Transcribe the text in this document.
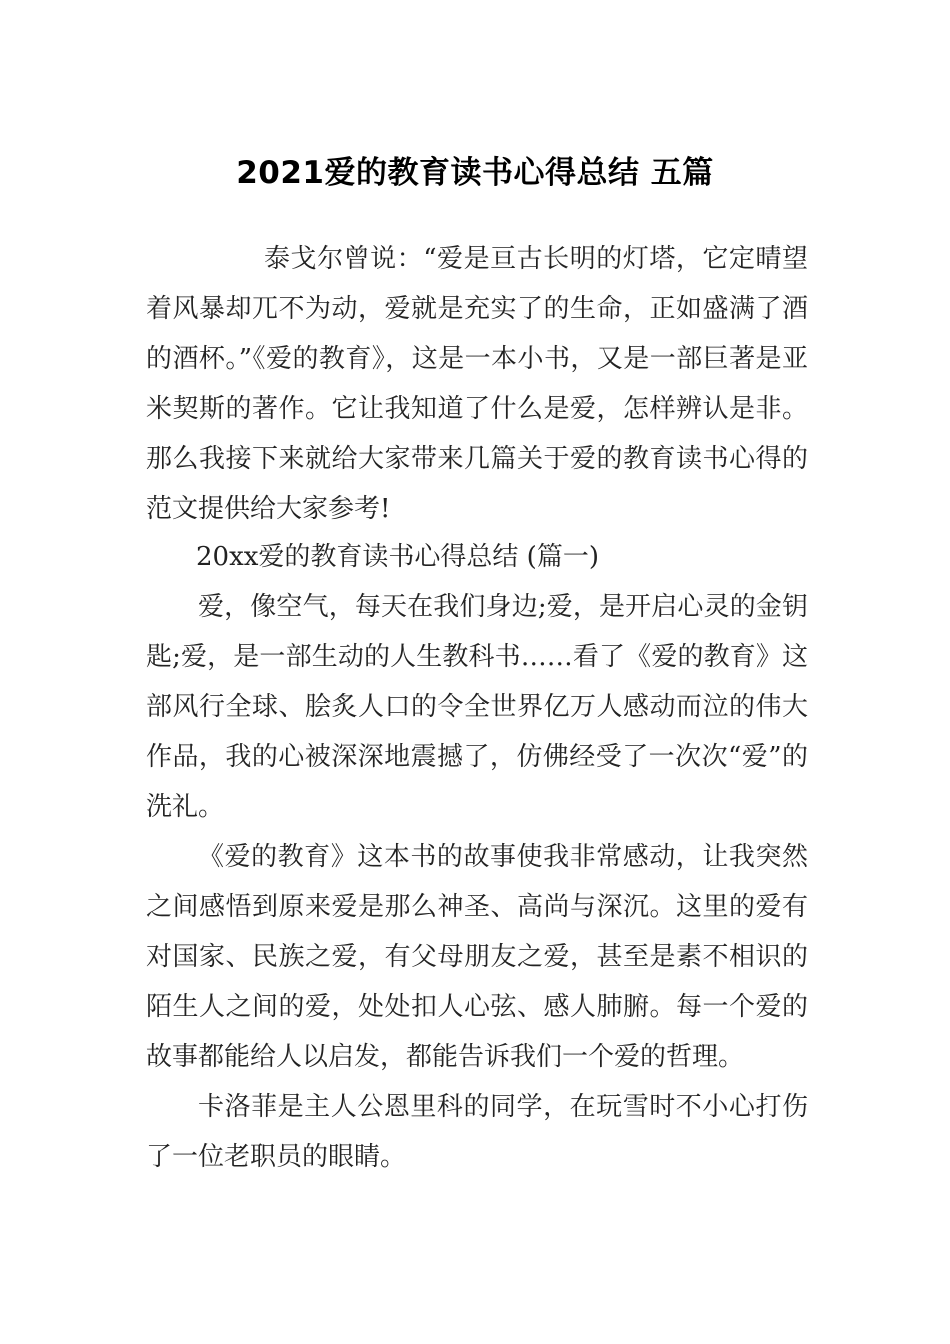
2021爱的教育读书心得总结 五篇

泰戈尔曾说：“爱是亘古长明的灯塔，它定晴望着风暴却兀不为动，爱就是充实了的生命，正如盛满了酒的酒杯。”《爱的教育》，这是一本小书，又是一部巨著是亚米契斯的著作。它让我知道了什么是爱，怎样辨认是非。那么我接下来就给大家带来几篇关于爱的教育读书心得的范文提供给大家参考!

20xx爱的教育读书心得总结 (篇一)

爱，像空气，每天在我们身边;爱，是开启心灵的金钥匙;爱，是一部生动的人生教科书……看了《爱的教育》这部风行全球、脍炙人口的令全世界亿万人感动而泣的伟大作品，我的心被深深地震撼了，仿佛经受了一次次“爱”的洗礼。

《爱的教育》这本书的故事使我非常感动，让我突然之间感悟到原来爱是那么神圣、高尚与深沉。这里的爱有对国家、民族之爱，有父母朋友之爱，甚至是素不相识的陌生人之间的爱，处处扣人心弦、感人肺腑。每一个爱的故事都能给人以启发，都能告诉我们一个爱的哲理。

卡洛菲是主人公恩里科的同学，在玩雪时不小心打伤了一位老职员的眼睛。
